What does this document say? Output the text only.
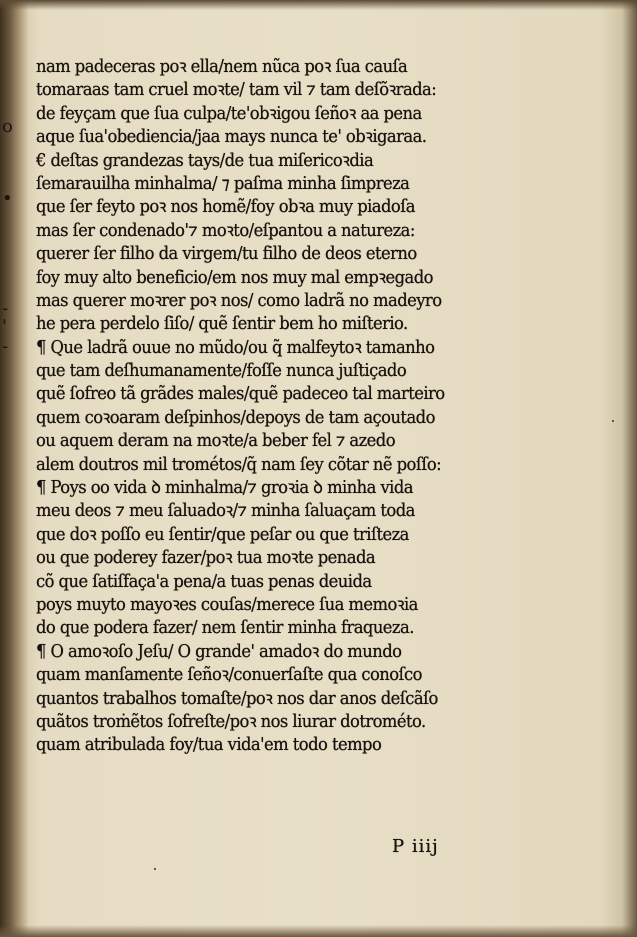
o
•
-
'
-
nam padeceras poꝛ ella/nem nũca poꝛ ſua cauſa
tomaraas tam cruel moꝛte/ tam vil ⁊ tam deſõꝛrada:
de feyçam que ſua culpa/te'obꝛigou ſeñoꝛ aa pena
aque ſua'obediencia/jaa mays nunca te' obꝛigaraa.
€ deſtas grandezas tays/de tua miſericoꝛdia
ſemarauilha minhalma/ ⁊ paſma minha ſimpreza
que ſer feyto poꝛ nos homẽ/foy obꝛa muy piadoſa
mas ſer condenado'⁊ moꝛto/eſpantou a natureza:
querer ſer filho da virgem/tu filho de deos eterno
foy muy alto beneficio/em nos muy mal empꝛegado
mas querer moꝛrer poꝛ nos/ como ladrã no madeyro
he pera perdelo ſiſo/ quẽ ſentir bem ho miſterio.
¶ Que ladrã ouue no mũdo/ou q̃ malfeytoꝛ tamanho
que tam deſhumanamente/foſſe nunca juſtiçado
quẽ ſofreo tã grãdes males/quẽ padeceo tal marteiro
quem coꝛoaram deſpinhos/depoys de tam açoutado
ou aquem deram na moꝛte/a beber fel ⁊ azedo
alem doutros mil trométos/q̃ nam ſey cõtar nẽ poſſo:
¶ Poys oo vida ꝺ minhalma/⁊ groꝛia ꝺ minha vida
meu deos ⁊ meu ſaluadoꝛ/⁊ minha ſaluaçam toda
que doꝛ poſſo eu ſentir/que peſar ou que triſteza
ou que poderey fazer/poꝛ tua moꝛte penada
cõ que ſatiſfaça'a pena/a tuas penas deuida
poys muyto mayoꝛes couſas/merece ſua memoꝛia
do que podera fazer/ nem ſentir minha fraqueza.
¶ O amoꝛoſo Jeſu/ O grande' amadoꝛ do mundo
quam manſamente ſeñoꝛ/conuerſaſte qua conoſco
quantos trabalhos tomaſte/poꝛ nos dar anos deſcãſo
quãtos troṁẽtos ſofreſte/poꝛ nos liurar dotrométo.
quam atribulada foy/tua vida'em todo tempo
P iiij
